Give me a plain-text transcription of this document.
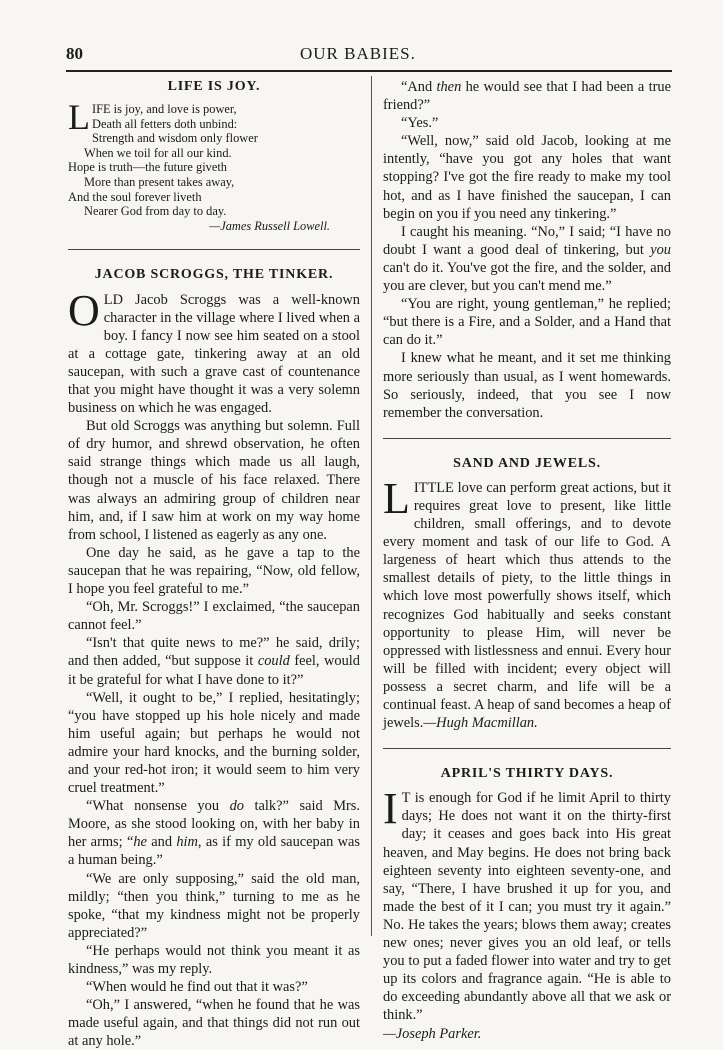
80	OUR BABIES.
LIFE IS JOY.
L IFE is joy, and love is power,
Death all fetters doth unbind:
Strength and wisdom only flower
When we toil for all our kind.
Hope is truth—the future giveth
More than present takes away,
And the soul forever liveth
Nearer God from day to day.
—James Russell Lowell.
JACOB SCROGGS, THE TINKER.

OLD Jacob Scroggs was a well-known character in the village where I lived when a boy. I fancy I now see him seated on a stool at a cottage gate, tinkering away at an old saucepan, with such a grave cast of countenance that you might have thought it was a very solemn business on which he was engaged.

But old Scroggs was anything but solemn. Full of dry humor, and shrewd observation, he often said strange things which made us all laugh, though not a muscle of his face relaxed. There was always an admiring group of children near him, and, if I saw him at work on my way home from school, I listened as eagerly as any one.

One day he said, as he gave a tap to the saucepan that he was repairing, “Now, old fellow, I hope you feel grateful to me.”

“Oh, Mr. Scroggs!” I exclaimed, “the saucepan cannot feel.”

“Isn't that quite news to me?” he said, drily; and then added, “but suppose it could feel, would it be grateful for what I have done to it?”

“Well, it ought to be,” I replied, hesitatingly; “you have stopped up his hole nicely and made him useful again; but perhaps he would not admire your hard knocks, and the burning solder, and your red-hot iron; it would seem to him very cruel treatment.”

“What nonsense you do talk?” said Mrs. Moore, as she stood looking on, with her baby in her arms; “he and him, as if my old saucepan was a human being.”

“We are only supposing,” said the old man, mildly; “then you think,” turning to me as he spoke, “that my kindness might not be properly appreciated?”

“He perhaps would not think you meant it as kindness,” was my reply.

“When would he find out that it was?”

“Oh,” I answered, “when he found that he was made useful again, and that things did not run out at any hole.”

“And then he would see that I had been a true friend?”

“Yes.”

“Well, now,” said old Jacob, looking at me intently, “have you got any holes that want stopping? I've got the fire ready to make my tool hot, and as I have finished the saucepan, I can begin on you if you need any tinkering.”

I caught his meaning. “No,” I said; “I have no doubt I want a good deal of tinkering, but you can't do it. You've got the fire, and the solder, and you are clever, but you can't mend me.”

“You are right, young gentleman,” he replied; “but there is a Fire, and a Solder, and a Hand that can do it.”

I knew what he meant, and it set me thinking more seriously than usual, as I went homewards. So seriously, indeed, that you see I now remember the conversation.

SAND AND JEWELS.

LITTLE love can perform great actions, but it requires great love to present, like little children, small offerings, and to devote every moment and task of our life to God. A largeness of heart which thus attends to the smallest details of piety, to the little things in which love most powerfully shows itself, which recognizes God habitually and seeks constant opportunity to please Him, will never be oppressed with listlessness and ennui. Every hour will be filled with incident; every object will possess a secret charm, and life will be a continual feast. A heap of sand becomes a heap of jewels.—Hugh Macmillan.

APRIL'S THIRTY DAYS.

I T is enough for God if he limit April to thirty days; He does not want it on the thirty-first day; it ceases and goes back into His great heaven, and May begins. He does not bring back eighteen seventy into eighteen seventy-one, and say, “There, I have brushed it up for you, and made the best of it I can; you must try it again.” No. He takes the years; blows them away; creates new ones; never gives you an old leaf, or tells you to put a faded flower into water and try to get up its colors and fragrance again. “He is able to do exceeding abundantly above all that we ask or think.”

—Joseph Parker.
